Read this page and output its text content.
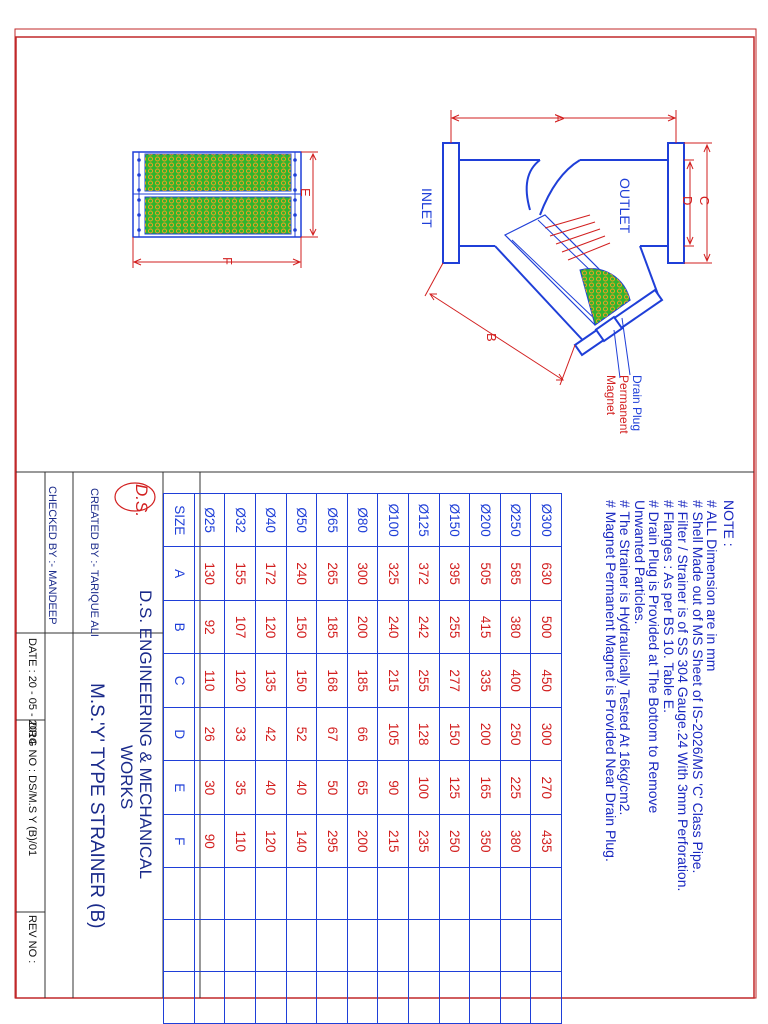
INLET	OUTLET
A
B
C
D
E
F
Drain Plug
Permanent
Magnet
NOTE :
# ALL Dimension are in mm
# Shell Made out of MS Sheet of IS-2026/MS 'C' Class Pipe.
# Filter / Strainer is of SS 304 Gauge.24 With 3mm Perforation.
# Flanges : As per BS 10. Table E.
# Drain Plug is Provided at The Bottom to Remove
Unwanted Particles.
# The Strainer is Hydraulically Tested At 16kg/cm2.
# Magnet Permanent Magnet is Provided Near Drain Plug.
Ø300	630	500	450	300	270	435			
Ø250	585	380	400	250	225	380			
Ø200	505	415	335	200	165	350			
Ø150	395	255	277	150	125	250			
Ø125	372	242	255	128	100	235			
Ø100	325	240	215	105	90	215			
Ø80	300	200	185	66	65	200			
Ø65	265	185	168	67	50	295			
Ø50	240	150	150	52	40	140			
Ø40	172	120	135	42	40	120			
Ø32	155	107	120	33	35	110			
Ø25	130	92	110	26	30	90			
SIZE	A	B	C	D	E	F			
D.S.
D.S. ENGINEERING & MECHANICAL
WORKS
CREATED BY :- TARIQUE ALI
CHECKED BY :- MANDEEP
M.S.'Y' TYPE STRAINER (B)
DATE : 20 - 05 - 2014
DRG NO : DS/M.S Y (B)/01
REV NO :
